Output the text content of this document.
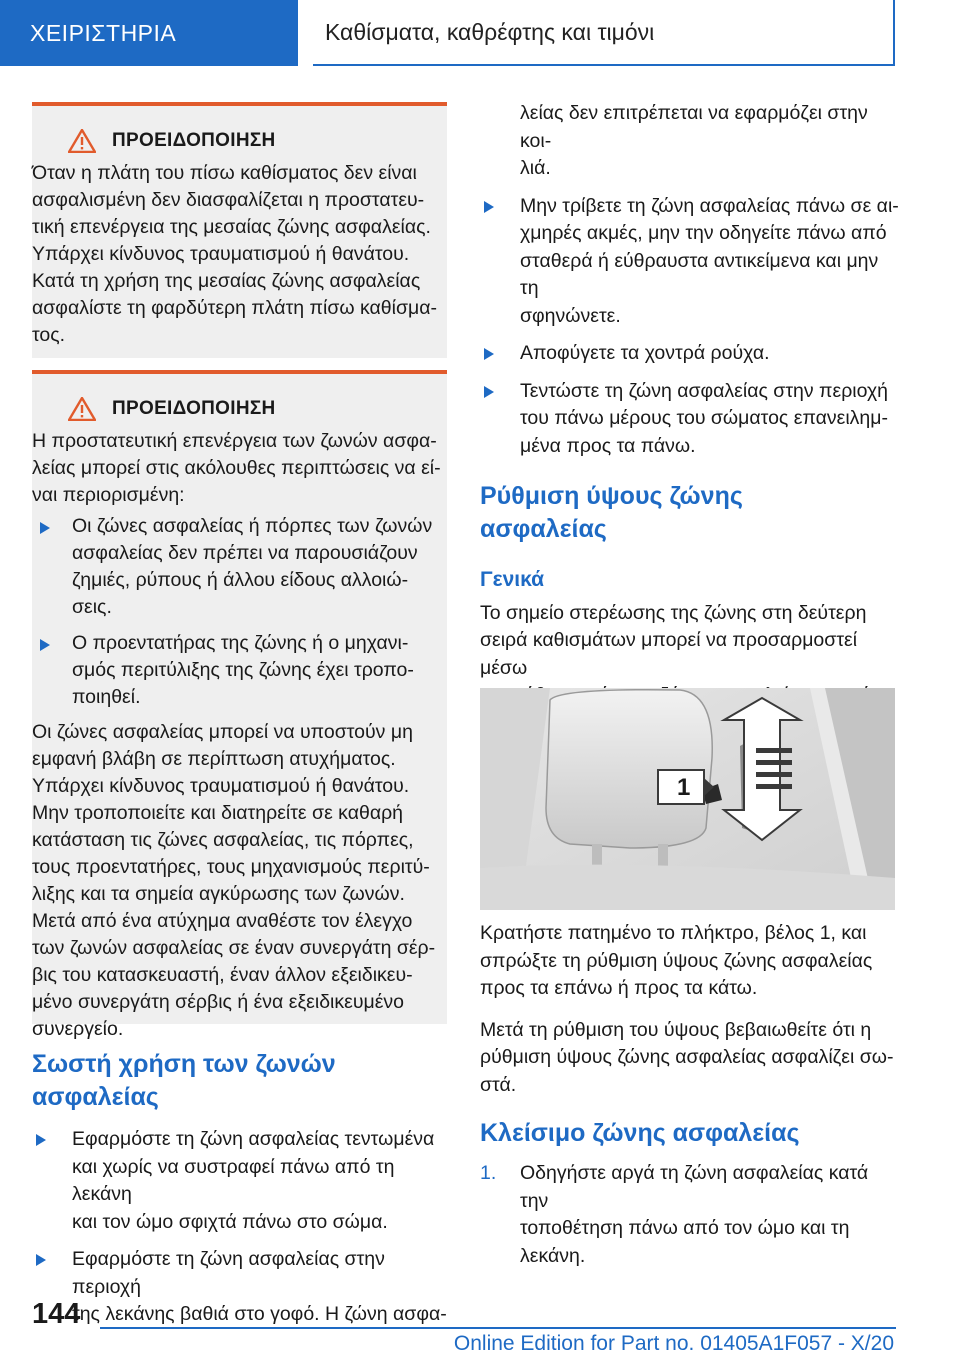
ΧΕΙΡΙΣΤΗΡΙΑ	Καθίσματα, καθρέφτης και τιμόνι
ΠΡΟΕΙΔΟΠΟΙΗΣΗ

Όταν η πλάτη του πίσω καθίσματος δεν είναι

ασφαλισμένη δεν διασφαλίζεται η προστατευ-

τική επενέργεια της μεσαίας ζώνης ασφαλείας.

Υπάρχει κίνδυνος τραυματισμού ή θανάτου.

Κατά τη χρήση της μεσαίας ζώνης ασφαλείας

ασφαλίστε τη φαρδύτερη πλάτη πίσω καθίσμα-

τος.

ΠΡΟΕΙΔΟΠΟΙΗΣΗ

Η προστατευτική επενέργεια των ζωνών ασφα-

λείας μπορεί στις ακόλουθες περιπτώσεις να εί-

ναι περιορισμένη:

Οι ζώνες ασφαλείας ή πόρπες των ζωνών

ασφαλείας δεν πρέπει να παρουσιάζουν

ζημιές, ρύπους ή άλλου είδους αλλοιώ-

σεις.

Ο προεντατήρας της ζώνης ή ο μηχανι-

σμός περιτύλιξης της ζώνης έχει τροπο-

ποιηθεί.

Οι ζώνες ασφαλείας μπορεί να υποστούν μη

εμφανή βλάβη σε περίπτωση ατυχήματος.

Υπάρχει κίνδυνος τραυματισμού ή θανάτου.

Μην τροποποιείτε και διατηρείτε σε καθαρή

κατάσταση τις ζώνες ασφαλείας, τις πόρπες,

τους προεντατήρες, τους μηχανισμούς περιτύ-

λιξης και τα σημεία αγκύρωσης των ζωνών.

Μετά από ένα ατύχημα αναθέστε τον έλεγχο

των ζωνών ασφαλείας σε έναν συνεργάτη σέρ-

βις του κατασκευαστή, έναν άλλον εξειδικευ-

μένο συνεργάτη σέρβις ή ένα εξειδικευμένο

συνεργείο.

Σωστή χρήση των ζωνών
ασφαλείας

Εφαρμόστε τη ζώνη ασφαλείας τεντωμένα

και χωρίς να συστραφεί πάνω από τη λεκάνη

και τον ώμο σφιχτά πάνω στο σώμα.

Εφαρμόστε τη ζώνη ασφαλείας στην περιοχή

της λεκάνης βαθιά στο γοφό. Η ζώνη ασφα-

λείας δεν επιτρέπεται να εφαρμόζει στην κοι-

λιά.

Μην τρίβετε τη ζώνη ασφαλείας πάνω σε αι-

χμηρές ακμές, μην την οδηγείτε πάνω από

σταθερά ή εύθραυστα αντικείμενα και μην τη

σφηνώνετε.

Αποφύγετε τα χοντρά ρούχα.

Τεντώστε τη ζώνη ασφαλείας στην περιοχή

του πάνω μέρους του σώματος επανειλημ-

μένα προς τα πάνω.

Ρύθμιση ύψους ζώνης
ασφαλείας
Γενικά

Το σημείο στερέωσης της ζώνης στη δεύτερη

σειρά καθισμάτων μπορεί να προσαρμοστεί μέσω

1

Κρατήστε πατημένο το πλήκτρο, βέλος 1, και

σπρώξτε τη ρύθμιση ύψους ζώνης ασφαλείας

προς τα επάνω ή προς τα κάτω.

Μετά τη ρύθμιση του ύψους βεβαιωθείτε ότι η

ρύθμιση ύψους ζώνης ασφαλείας ασφαλίζει σω-

στά.

Κλείσιμο ζώνης ασφαλείας
1. Οδηγήστε αργά τη ζώνη ασφαλείας κατά την

τοποθέτηση πάνω από τον ώμο και τη λεκάνη.

144
Online Edition for Part no. 01405A1F057 - X/20
